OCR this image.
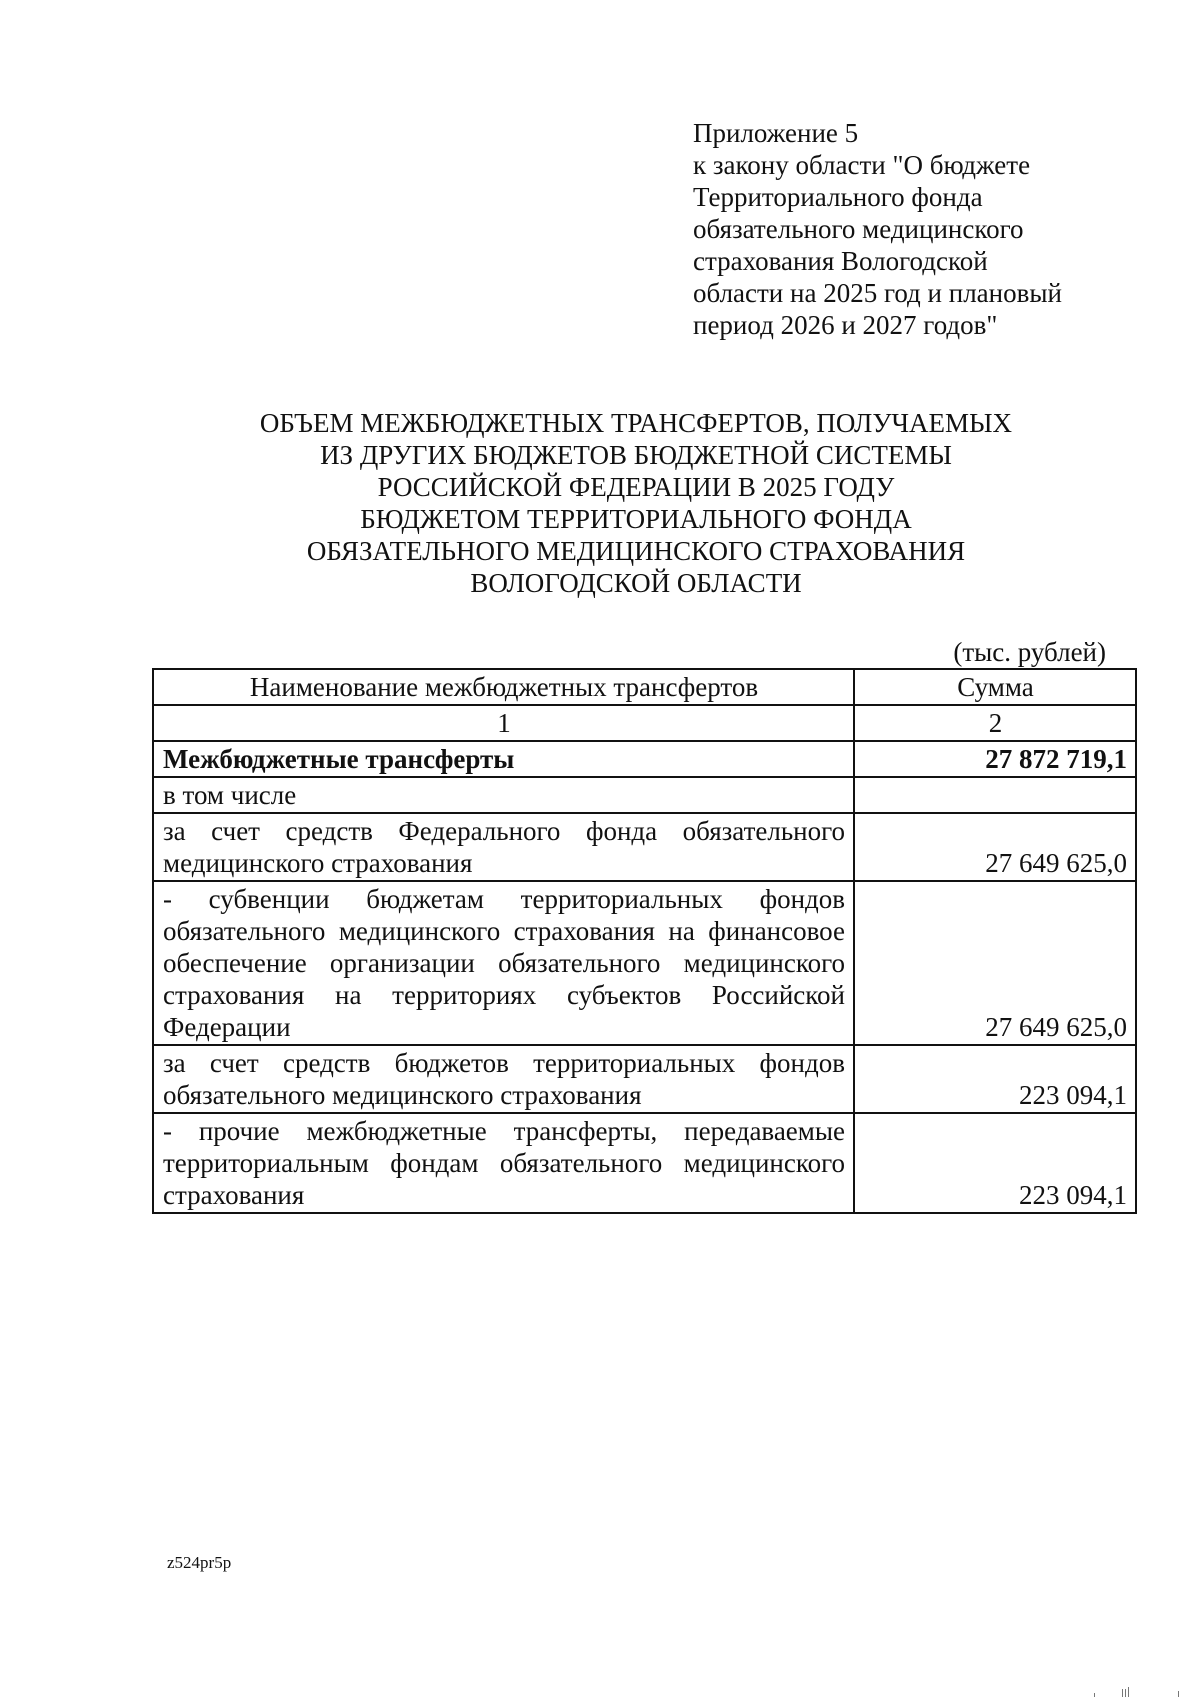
Приложение 5
к закону области "О бюджете
Территориального фонда
обязательного медицинского
страхования Вологодской
области на 2025 год и плановый
период 2026 и 2027 годов"
ОБЪЕМ МЕЖБЮДЖЕТНЫХ ТРАНСФЕРТОВ, ПОЛУЧАЕМЫХ
ИЗ ДРУГИХ БЮДЖЕТОВ БЮДЖЕТНОЙ СИСТЕМЫ
РОССИЙСКОЙ ФЕДЕРАЦИИ В 2025 ГОДУ
БЮДЖЕТОМ ТЕРРИТОРИАЛЬНОГО ФОНДА
ОБЯЗАТЕЛЬНОГО МЕДИЦИНСКОГО СТРАХОВАНИЯ
ВОЛОГОДСКОЙ ОБЛАСТИ
(тыс. рублей)
Наименование межбюджетных трансфертов	Сумма
1	2
Межбюджетные трансферты	27 872 719,1
в том числе	
за счет средств Федерального фонда обязательного медицинского страхования	27 649 625,0
- субвенции бюджетам территориальных фондов обязательного медицинского страхования на финансовое обеспечение организации обязательного медицинского страхования на территориях субъектов Российской Федерации	27 649 625,0
за счет средств бюджетов территориальных фондов обязательного медицинского страхования	223 094,1
- прочие межбюджетные трансферты, передаваемые территориальным фондам обязательного медицинского страхования	223 094,1
z524pr5p
